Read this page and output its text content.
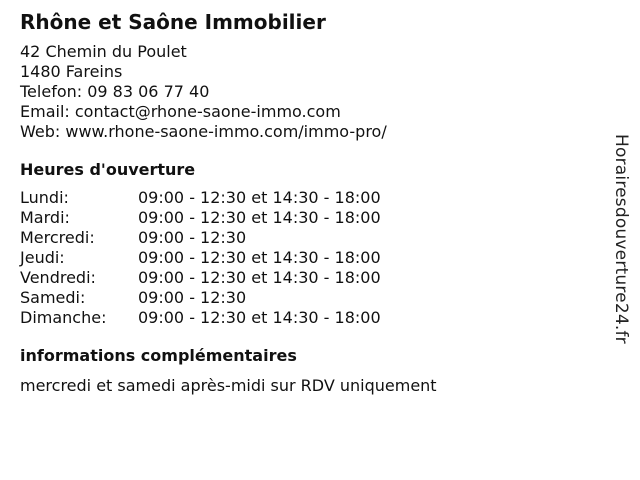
Rhône et Saône Immobilier
42 Chemin du Poulet
1480 Fareins
Telefon: 09 83 06 77 40
Email: contact@rhone-saone-immo.com
Web: www.rhone-saone-immo.com/immo-pro/
Heures d'ouverture
Lundi:	09:00 - 12:30 et 14:30 - 18:00
Mardi:	09:00 - 12:30 et 14:30 - 18:00
Mercredi:	09:00 - 12:30
Jeudi:	09:00 - 12:30 et 14:30 - 18:00
Vendredi:	09:00 - 12:30 et 14:30 - 18:00
Samedi:	09:00 - 12:30
Dimanche:	09:00 - 12:30 et 14:30 - 18:00
informations complémentaires
mercredi et samedi après-midi sur RDV uniquement
Horairesdouverture24.fr
